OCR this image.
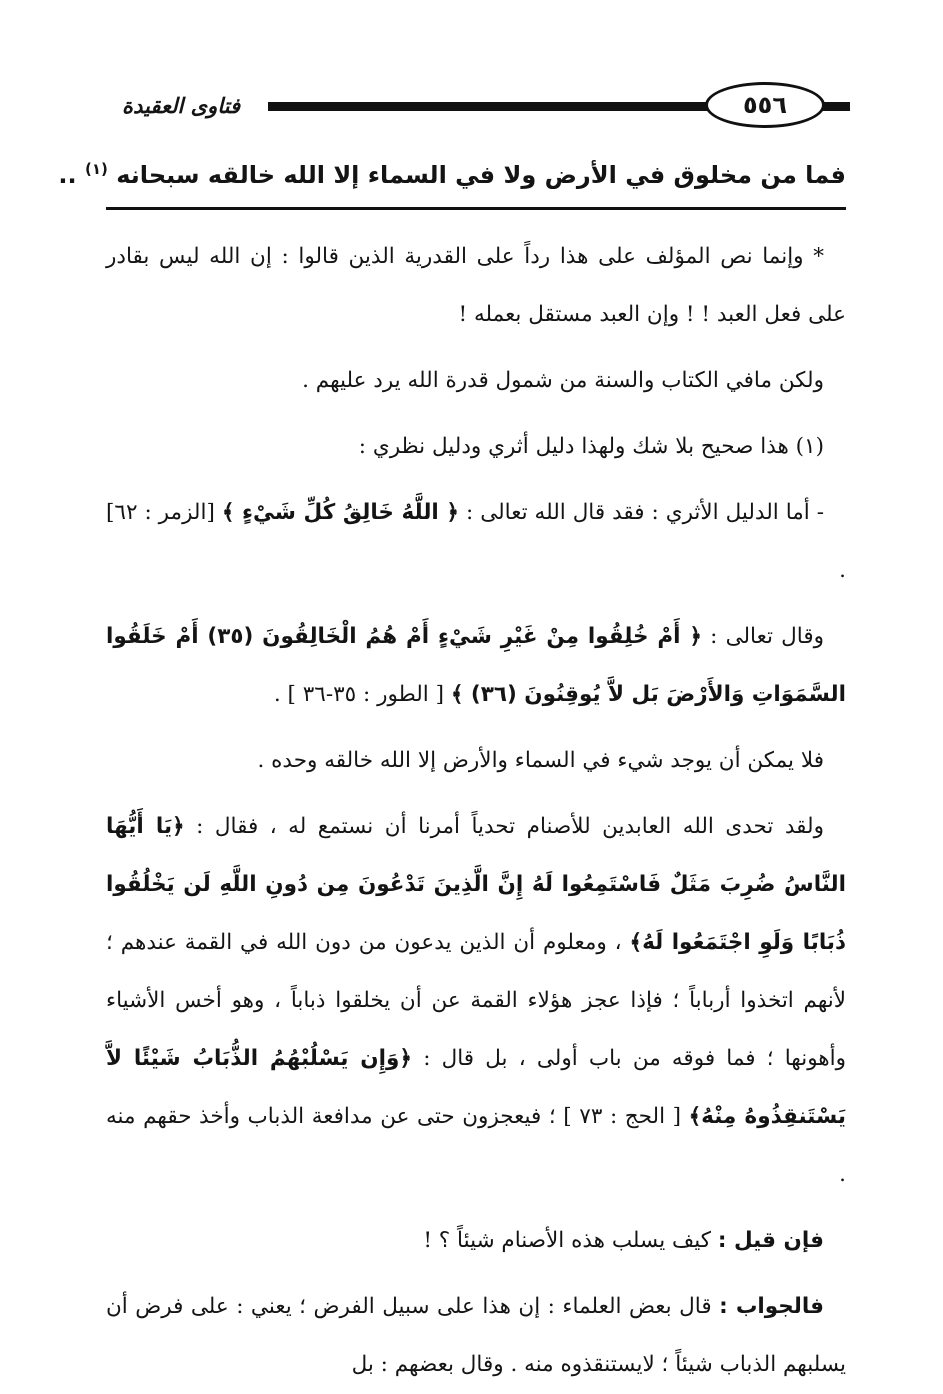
فتاوى العقيدة	٥٥٦

فما من مخلوق في الأرض ولا في السماء إلا الله خالقه سبحانه $^{(١)}$ ..

* وإنما نص المؤلف على هذا رداً على القدرية الذين قالوا : إن الله ليس بقادر على فعل العبد ! ! وإن العبد مستقل بعمله !

ولكن مافي الكتاب والسنة من شمول قدرة الله يرد عليهم .

(١) هذا صحيح بلا شك ولهذا دليل أثري ودليل نظري :

- أما الدليل الأثري : فقد قال الله تعالى : ﴿ اللَّهُ خَالِقُ كُلِّ شَيْءٍ ﴾ [الزمر : ٦٢] .

وقال تعالى : ﴿ أَمْ خُلِقُوا مِنْ غَيْرِ شَيْءٍ أَمْ هُمُ الْخَالِقُونَ (٣٥) أَمْ خَلَقُوا السَّمَوَاتِ وَالأَرْضَ بَل لاَّ يُوقِنُونَ (٣٦) ﴾ [ الطور : ٣٥-٣٦ ] .

فلا يمكن أن يوجد شيء في السماء والأرض إلا الله خالقه وحده .

ولقد تحدى الله العابدين للأصنام تحدياً أمرنا أن نستمع له ، فقال : ﴿يَا أَيُّهَا النَّاسُ ضُرِبَ مَثَلٌ فَاسْتَمِعُوا لَهُ إِنَّ الَّذِينَ تَدْعُونَ مِن دُونِ اللَّهِ لَن يَخْلُقُوا ذُبَابًا وَلَوِ اجْتَمَعُوا لَهُ﴾ ، ومعلوم أن الذين يدعون من دون الله في القمة عندهم ؛ لأنهم اتخذوا أرباباً ؛ فإذا عجز هؤلاء القمة عن أن يخلقوا ذباباً ، وهو أخس الأشياء وأهونها ؛ فما فوقه من باب أولى ، بل قال : ﴿وَإِن يَسْلُبْهُمُ الذُّبَابُ شَيْئًا لاَّ يَسْتَنقِذُوهُ مِنْهُ﴾ [ الحج : ٧٣ ] ؛ فيعجزون حتى عن مدافعة الذباب وأخذ حقهم منه .

فإن قيل : كيف يسلب هذه الأصنام شيئاً ؟ !

فالجواب : قال بعض العلماء : إن هذا على سبيل الفرض ؛ يعني : على فرض أن يسلبهم الذباب شيئاً ؛ لايستنقذوه منه . وقال بعضهم : بل
